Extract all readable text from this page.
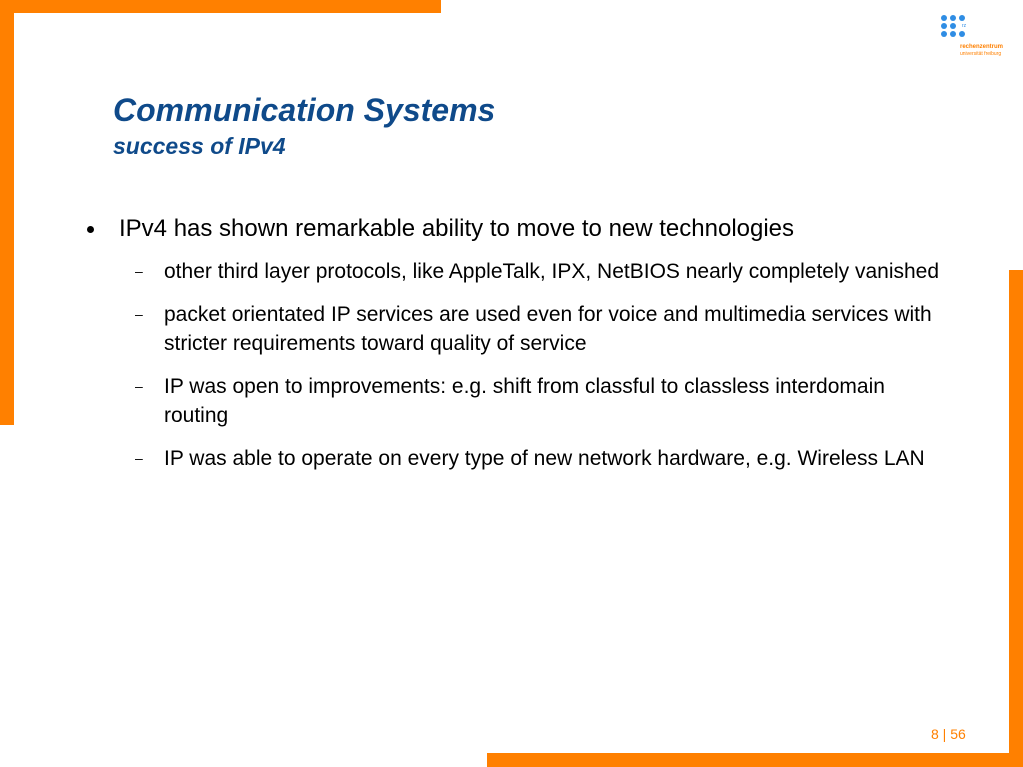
rz
rechenzentrum
universität freiburg
Communication Systems
success of IPv4
IPv4 has shown remarkable ability to move to new technologies
– other third layer protocols, like AppleTalk, IPX, NetBIOS nearly completely vanished
– packet orientated IP services are used even for voice and multimedia services with stricter requirements toward quality of service
– IP was open to improvements: e.g. shift from classful to classless interdomain routing
– IP was able to operate on every type of new network hardware, e.g. Wireless LAN
8 | 56
